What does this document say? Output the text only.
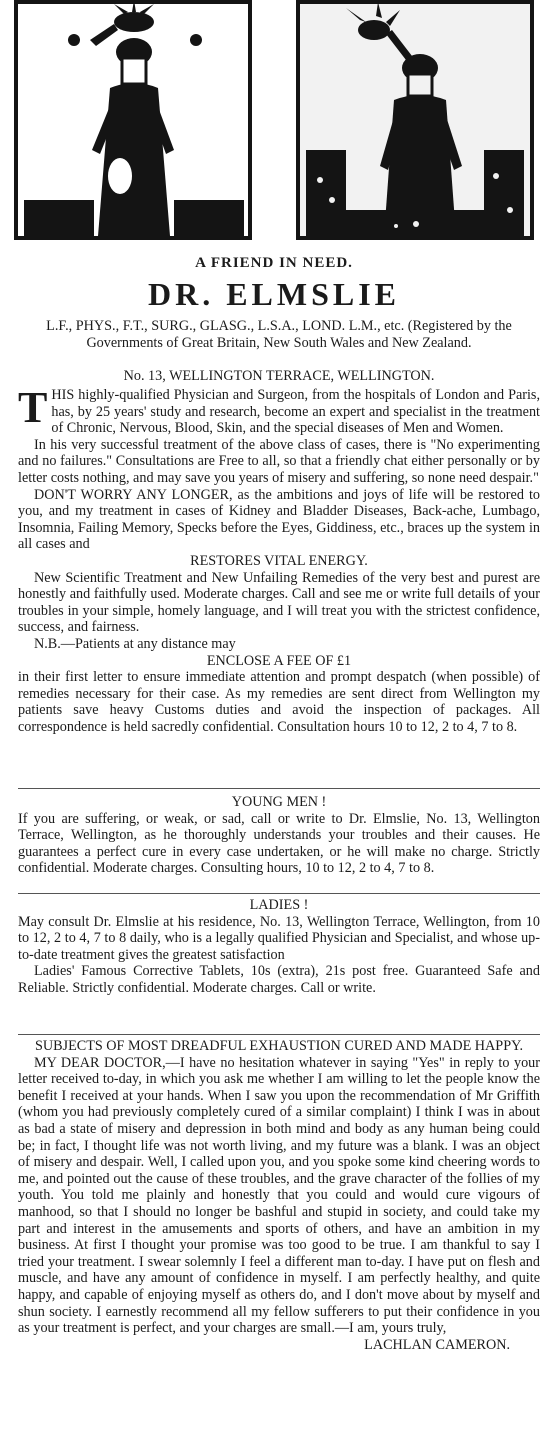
A FRIEND IN NEED.
DR. ELMSLIE
L.F., PHYS., F.T., SURG., GLASG., L.S.A., LOND. L.M., etc. (Registered by the Governments of Great Britain, New South Wales and New Zealand.
No. 13, WELLINGTON TERRACE, WELLINGTON.
THIS highly-qualified Physician and Surgeon, from the hospitals of London and Paris, has, by 25 years' study and research, become an expert and specialist in the treatment of Chronic, Nervous, Blood, Skin, and the special diseases of Men and Women.
In his very successful treatment of the above class of cases, there is "No experimenting and no failures." Consultations are Free to all, so that a friendly chat either personally or by letter costs nothing, and may save you years of misery and suffering, so none need despair."
DON'T WORRY ANY LONGER, as the ambitions and joys of life will be restored to you, and my treatment in cases of Kidney and Bladder Diseases, Back-ache, Lumbago, Insomnia, Failing Memory, Specks before the Eyes, Giddiness, etc., braces up the system in all cases and
RESTORES VITAL ENERGY.
New Scientific Treatment and New Unfailing Remedies of the very best and purest are honestly and faithfully used. Moderate charges. Call and see me or write full details of your troubles in your simple, homely language, and I will treat you with the strictest confidence, success, and fairness.
N.B.—Patients at any distance may
ENCLOSE A FEE OF £1
in their first letter to ensure immediate attention and prompt despatch (when possible) of remedies necessary for their case. As my remedies are sent direct from Wellington my patients save heavy Customs duties and avoid the inspection of packages. All correspondence is held sacredly confidential. Consultation hours 10 to 12, 2 to 4, 7 to 8.
YOUNG MEN !
If you are suffering, or weak, or sad, call or write to Dr. Elmslie, No. 13, Wellington Terrace, Wellington, as he thoroughly understands your troubles and their causes. He guarantees a perfect cure in every case undertaken, or he will make no charge. Strictly confidential. Moderate charges. Consulting hours, 10 to 12, 2 to 4, 7 to 8.
LADIES !
May consult Dr. Elmslie at his residence, No. 13, Wellington Terrace, Wellington, from 10 to 12, 2 to 4, 7 to 8 daily, who is a legally qualified Physician and Specialist, and whose up-to-date treatment gives the greatest satisfaction
Ladies' Famous Corrective Tablets, 10s (extra), 21s post free. Guaranteed Safe and Reliable. Strictly confidential. Moderate charges. Call or write.
SUBJECTS OF MOST DREADFUL EXHAUSTION CURED AND MADE HAPPY.
MY DEAR DOCTOR,—I have no hesitation whatever in saying "Yes" in reply to your letter received to-day, in which you ask me whether I am willing to let the people know the benefit I received at your hands. When I saw you upon the recommendation of Mr Griffith (whom you had previously completely cured of a similar complaint) I think I was in about as bad a state of misery and depression in both mind and body as any human being could be; in fact, I thought life was not worth living, and my future was a blank. I was an object of misery and despair. Well, I called upon you, and you spoke some kind cheering words to me, and pointed out the cause of these troubles, and the grave character of the follies of my youth. You told me plainly and honestly that you could and would cure vigours of manhood, so that I should no longer be bashful and stupid in society, and could take my part and interest in the amusements and sports of others, and have an ambition in my business. At first I thought your promise was too good to be true. I am thankful to say I tried your treatment. I swear solemnly I feel a different man to-day. I have put on flesh and muscle, and have any amount of confidence in myself. I am perfectly healthy, and quite happy, and capable of enjoying myself as others do, and I don't move about by myself and shun society. I earnestly recommend all my fellow sufferers to put their confidence in you as your treatment is perfect, and your charges are small.—I am, yours truly,
LACHLAN CAMERON.
